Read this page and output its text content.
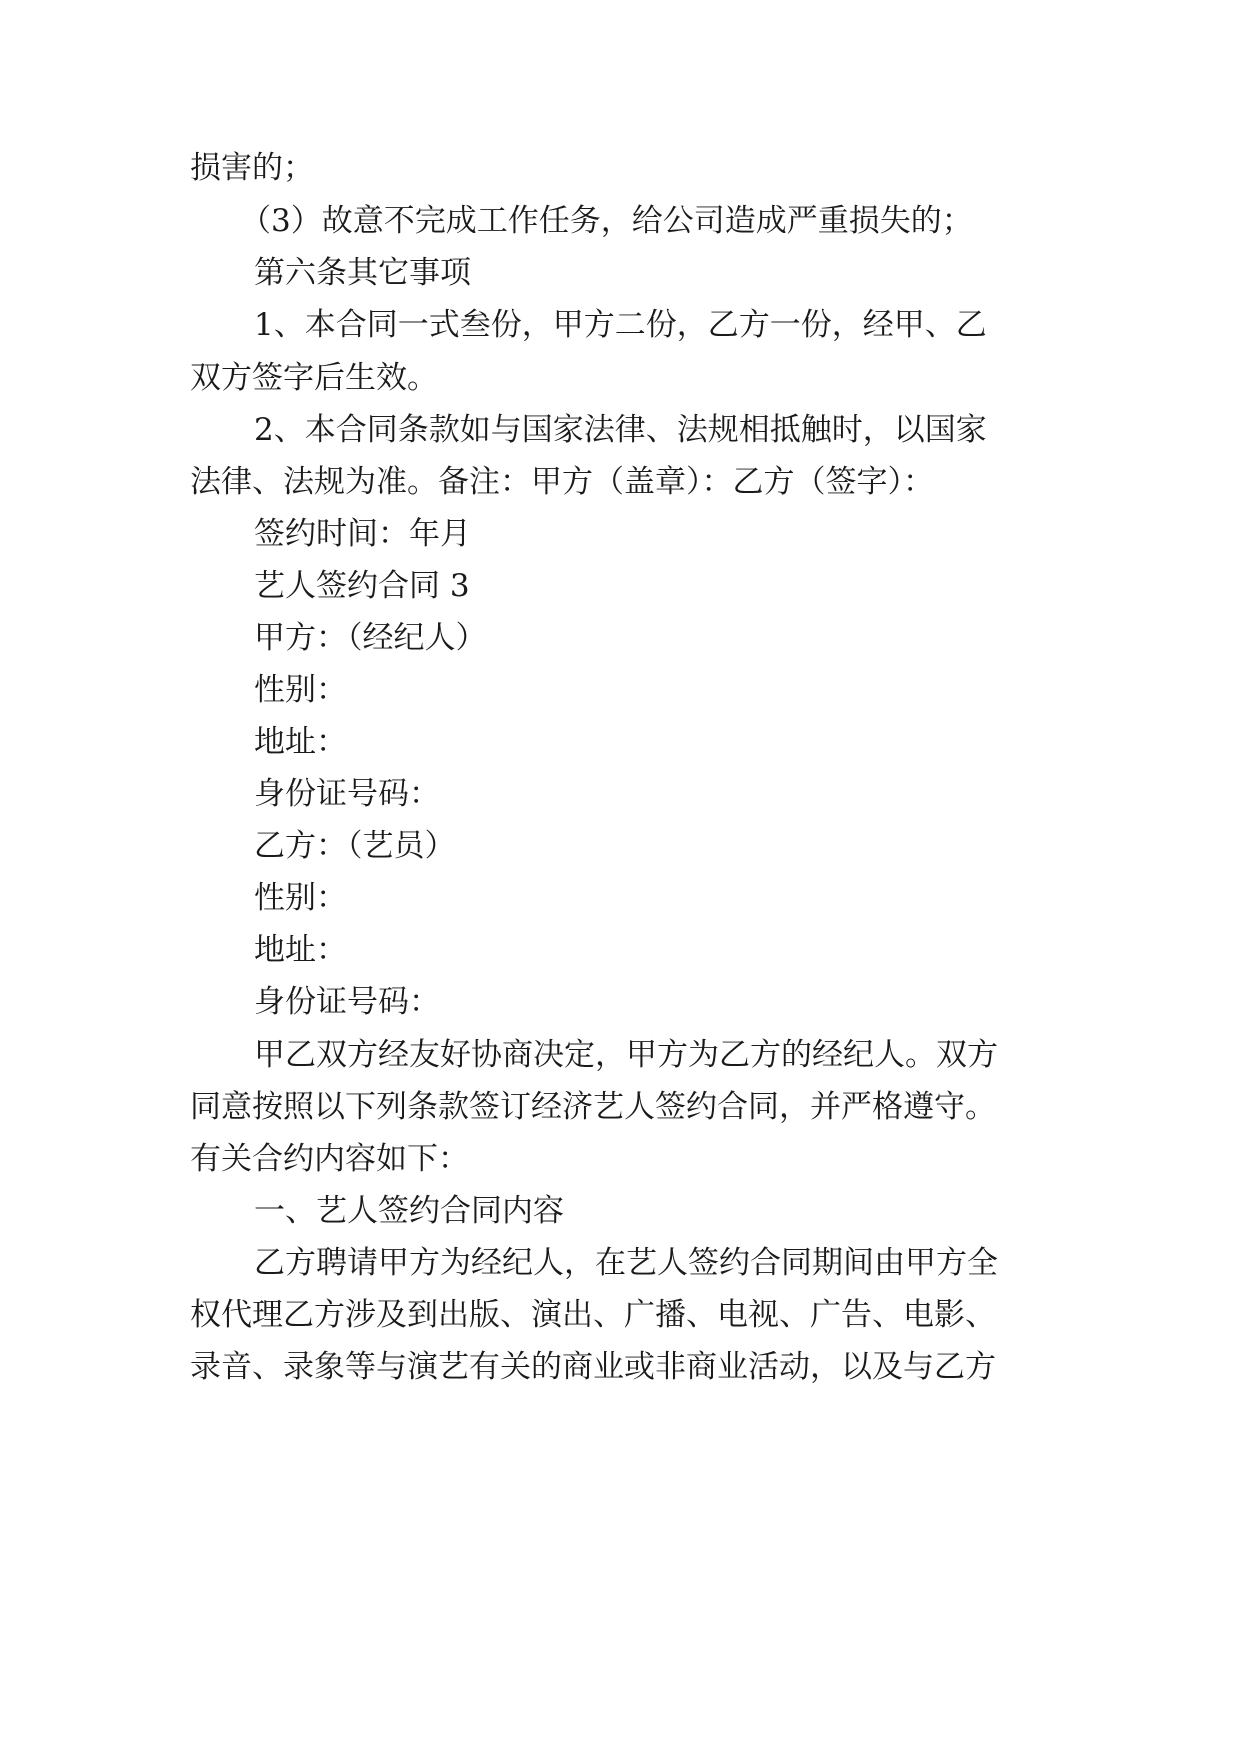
损害的；
（3）故意不完成工作任务，给公司造成严重损失的；
第六条其它事项
1、本合同一式叁份，甲方二份，乙方一份，经甲、乙
双方签字后生效。
2、本合同条款如与国家法律、法规相抵触时，以国家
法律、法规为准。备注：甲方（盖章）：乙方（签字）：
签约时间：年月
艺人签约合同 3
甲方：（经纪人）
性别：
地址：
身份证号码：
乙方：（艺员）
性别：
地址：
身份证号码：
甲乙双方经友好协商决定，甲方为乙方的经纪人。双方
同意按照以下列条款签订经济艺人签约合同，并严格遵守。
有关合约内容如下：
一、艺人签约合同内容
乙方聘请甲方为经纪人，在艺人签约合同期间由甲方全
权代理乙方涉及到出版、演出、广播、电视、广告、电影、
录音、录象等与演艺有关的商业或非商业活动，以及与乙方
